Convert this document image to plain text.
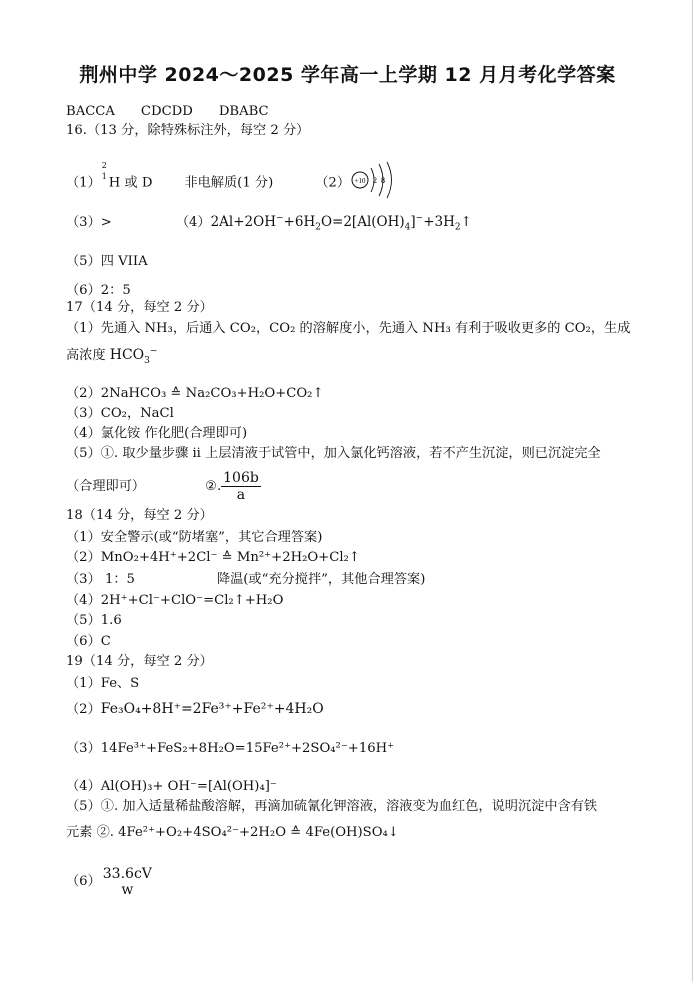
荆州中学 2024～2025 学年高一上学期 12 月月考化学答案
BACCA CDCDD DBABC
16.（13 分，除特殊标注外，每空 2 分）
（1）
2
1 H 或 D 非电解质(1 分)	（2） +10 2 8
（3）>	$(4)2Al+2OH^-+6H_2O=2[Al(OH)_4]^-+3H_2↑$
（5）四 VIIA
（6）2：5
17（14 分，每空 2 分）
（1）先通入 NH₃，后通入 CO₂，CO₂ 的溶解度小，先通入 NH₃ 有利于吸收更多的 CO₂，生成
高浓度 $HCO_3^-$
（2）2NaHCO₃ ≙ Na₂CO₃+H₂O+CO₂↑
（3）CO₂，NaCl
（4）氯化铵 作化肥(合理即可)
（5）①. 取少量步骤 ii 上层清液于试管中，加入氯化钙溶液，若不产生沉淀，则已沉淀完全
（合理即可）	②. $\frac{106b}{a}$
18（14 分，每空 2 分）
（1）安全警示(或“防堵塞”，其它合理答案)
（2）MnO₂+4H⁺+2Cl⁻ ≙ Mn²⁺+2H₂O+Cl₂↑
（3） 1：5	降温(或“充分搅拌”，其他合理答案)
（4）2H⁺+Cl⁻+ClO⁻=Cl₂↑+H₂O
（5）1.6
（6）C
19（14 分，每空 2 分）
（1）Fe、S
（2）Fe₃O₄+8H⁺=2Fe³⁺+Fe²⁺+4H₂O
（3）14Fe³⁺+FeS₂+8H₂O=15Fe²⁺+2SO₄²⁻+16H⁺
（4）Al(OH)₃+ OH⁻=[Al(OH)₄]⁻
（5）①. 加入适量稀盐酸溶解，再滴加硫氰化钾溶液，溶液变为血红色，说明沉淀中含有铁
元素 ②. 4Fe²⁺+O₂+4SO₄²⁻+2H₂O ≙ 4Fe(OH)SO₄↓
（6） 33.6cV
w
